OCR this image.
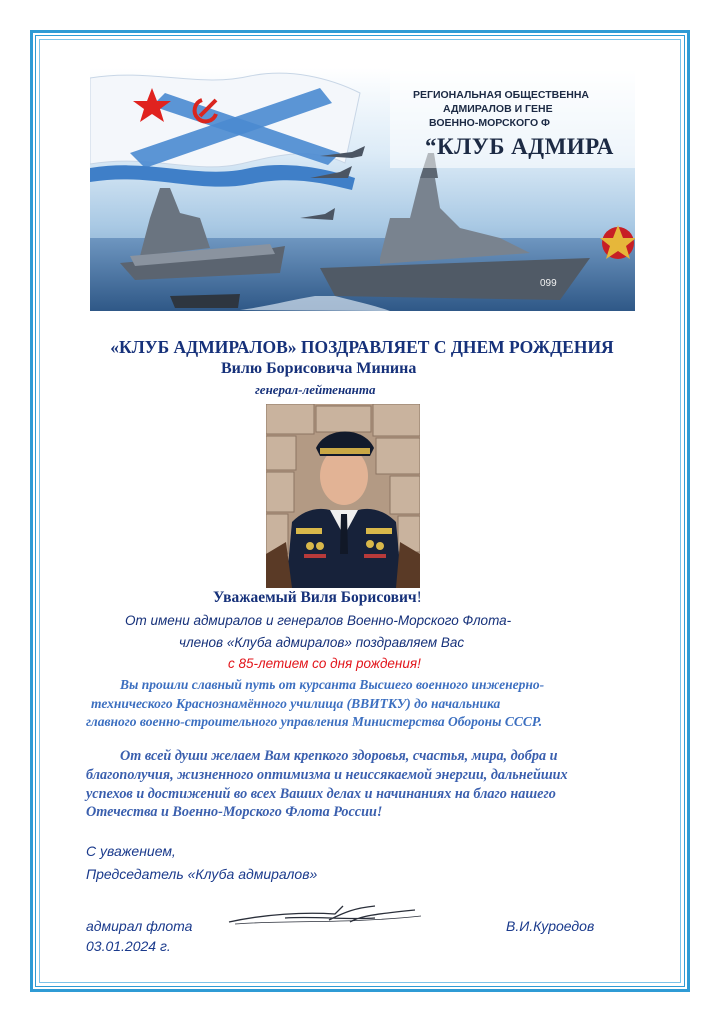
099
РЕГИОНАЛЬНАЯ ОБЩЕСТВЕННА
АДМИРАЛОВ И ГЕНЕ
ВОЕННО-МОРСКОГО Ф
“КЛУБ АДМИРА
«КЛУБ АДМИРАЛОВ» ПОЗДРАВЛЯЕТ С ДНЕМ РОЖДЕНИЯ
Вилю Борисовича Минина
генерал-лейтенанта
Уважаемый Виля Борисович!
От имени адмиралов и генералов Военно-Морского Флота-
членов «Клуба адмиралов» поздравляем Вас
с 85-летием со дня рождения!
Вы прошли славный путь от курсанта Высшего военного инженерно-
технического Краснознамённого училища (ВВИТКУ) до начальника
главного военно-строительного управления Министерства Обороны СССР.
От всей души желаем Вам крепкого здоровья, счастья, мира, добра и
благополучия, жизненного оптимизма и неиссякаемой энергии, дальнейших
успехов и достижений во всех Ваших делах и начинаниях на благо нашего
Отечества и Военно-Морского Флота России!
С уважением,
Председатель «Клуба адмиралов»
адмирал флота	В.И.Куроедов
03.01.2024 г.
